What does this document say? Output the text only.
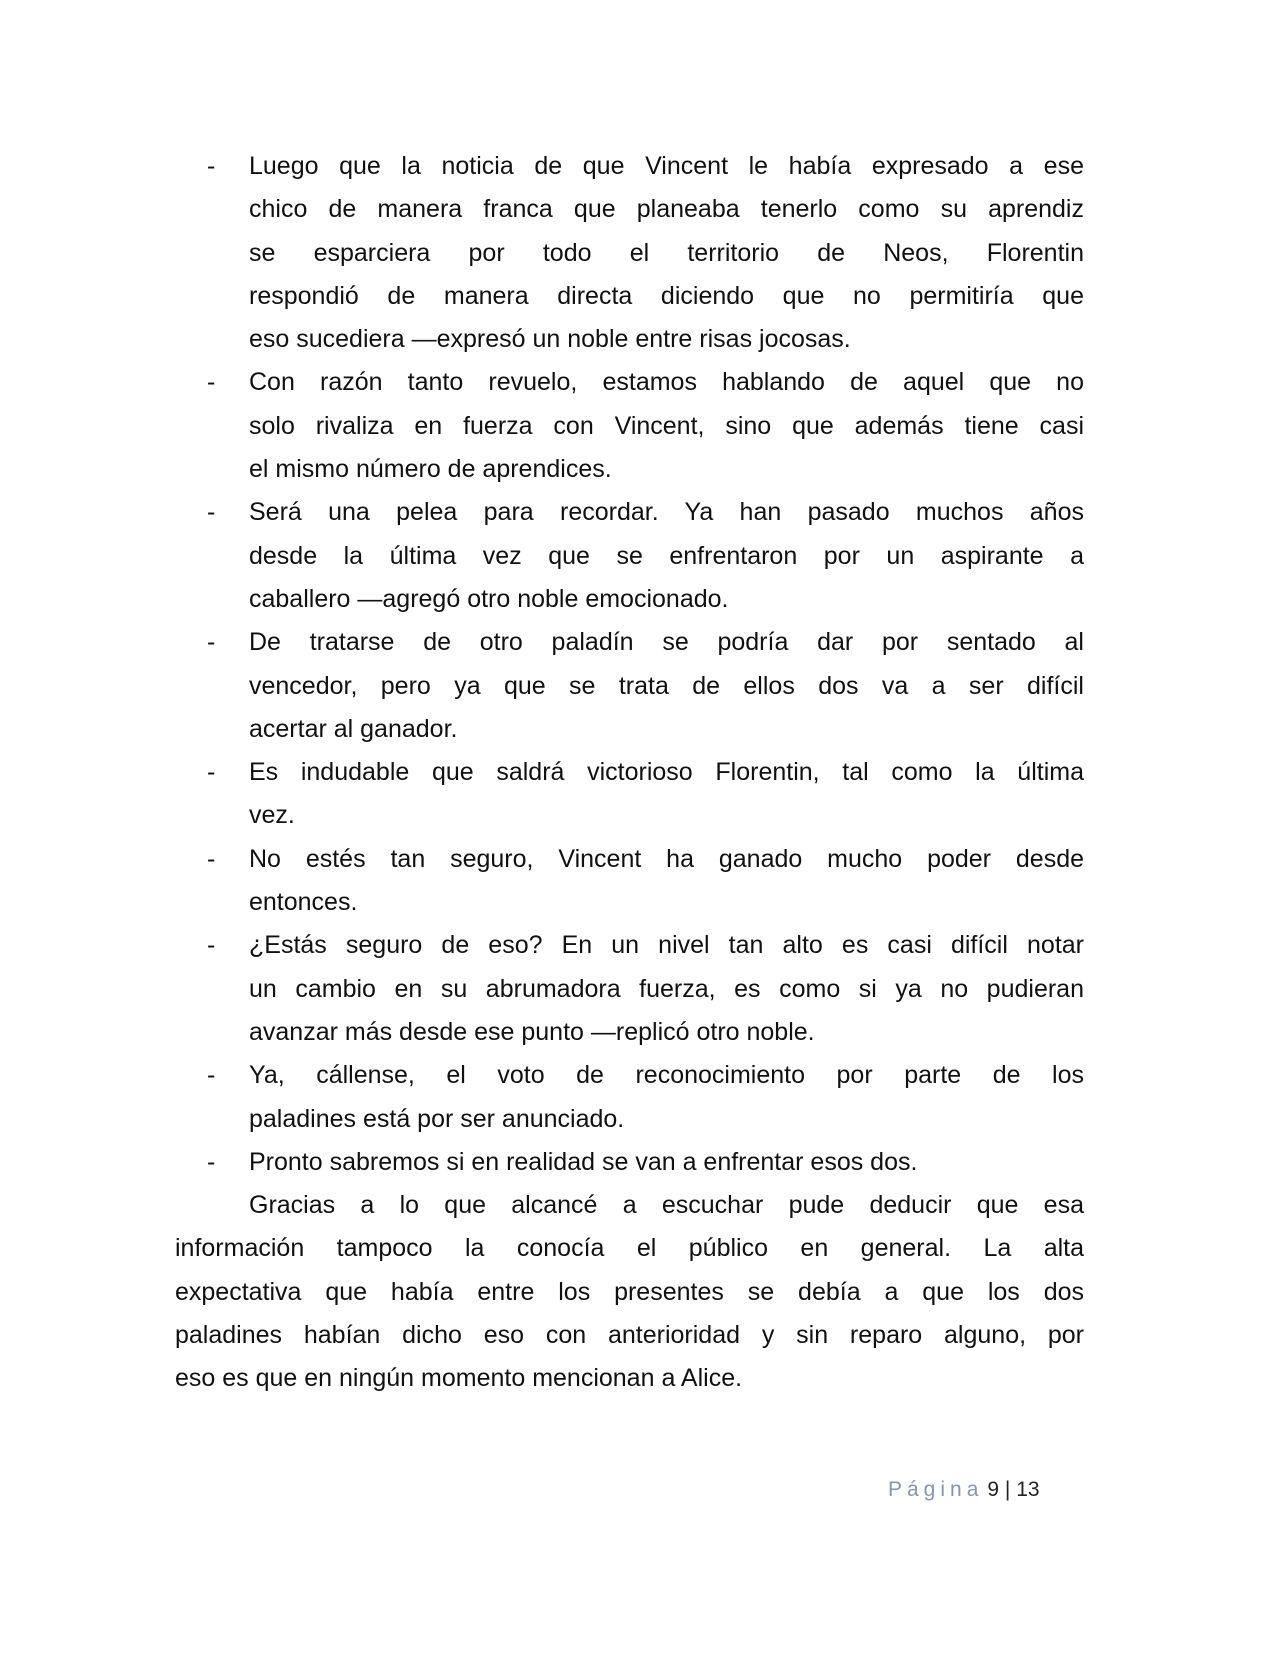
- Luego que la noticia de que Vincent le había expresado a ese
chico de manera franca que planeaba tenerlo como su aprendiz
se esparciera por todo el territorio de Neos, Florentin
respondió de manera directa diciendo que no permitiría que
eso sucediera —expresó un noble entre risas jocosas.
- Con razón tanto revuelo, estamos hablando de aquel que no
solo rivaliza en fuerza con Vincent, sino que además tiene casi
el mismo número de aprendices.
- Será una pelea para recordar. Ya han pasado muchos años
desde la última vez que se enfrentaron por un aspirante a
caballero —agregó otro noble emocionado.
- De tratarse de otro paladín se podría dar por sentado al
vencedor, pero ya que se trata de ellos dos va a ser difícil
acertar al ganador.
- Es indudable que saldrá victorioso Florentin, tal como la última
vez.
- No estés tan seguro, Vincent ha ganado mucho poder desde
entonces.
- ¿Estás seguro de eso? En un nivel tan alto es casi difícil notar
un cambio en su abrumadora fuerza, es como si ya no pudieran
avanzar más desde ese punto —replicó otro noble.
- Ya, cállense, el voto de reconocimiento por parte de los
paladines está por ser anunciado.
- Pronto sabremos si en realidad se van a enfrentar esos dos.
Gracias a lo que alcancé a escuchar pude deducir que esa
información tampoco la conocía el público en general. La alta
expectativa que había entre los presentes se debía a que los dos
paladines habían dicho eso con anterioridad y sin reparo alguno, por
eso es que en ningún momento mencionan a Alice.
Página 9 | 13
